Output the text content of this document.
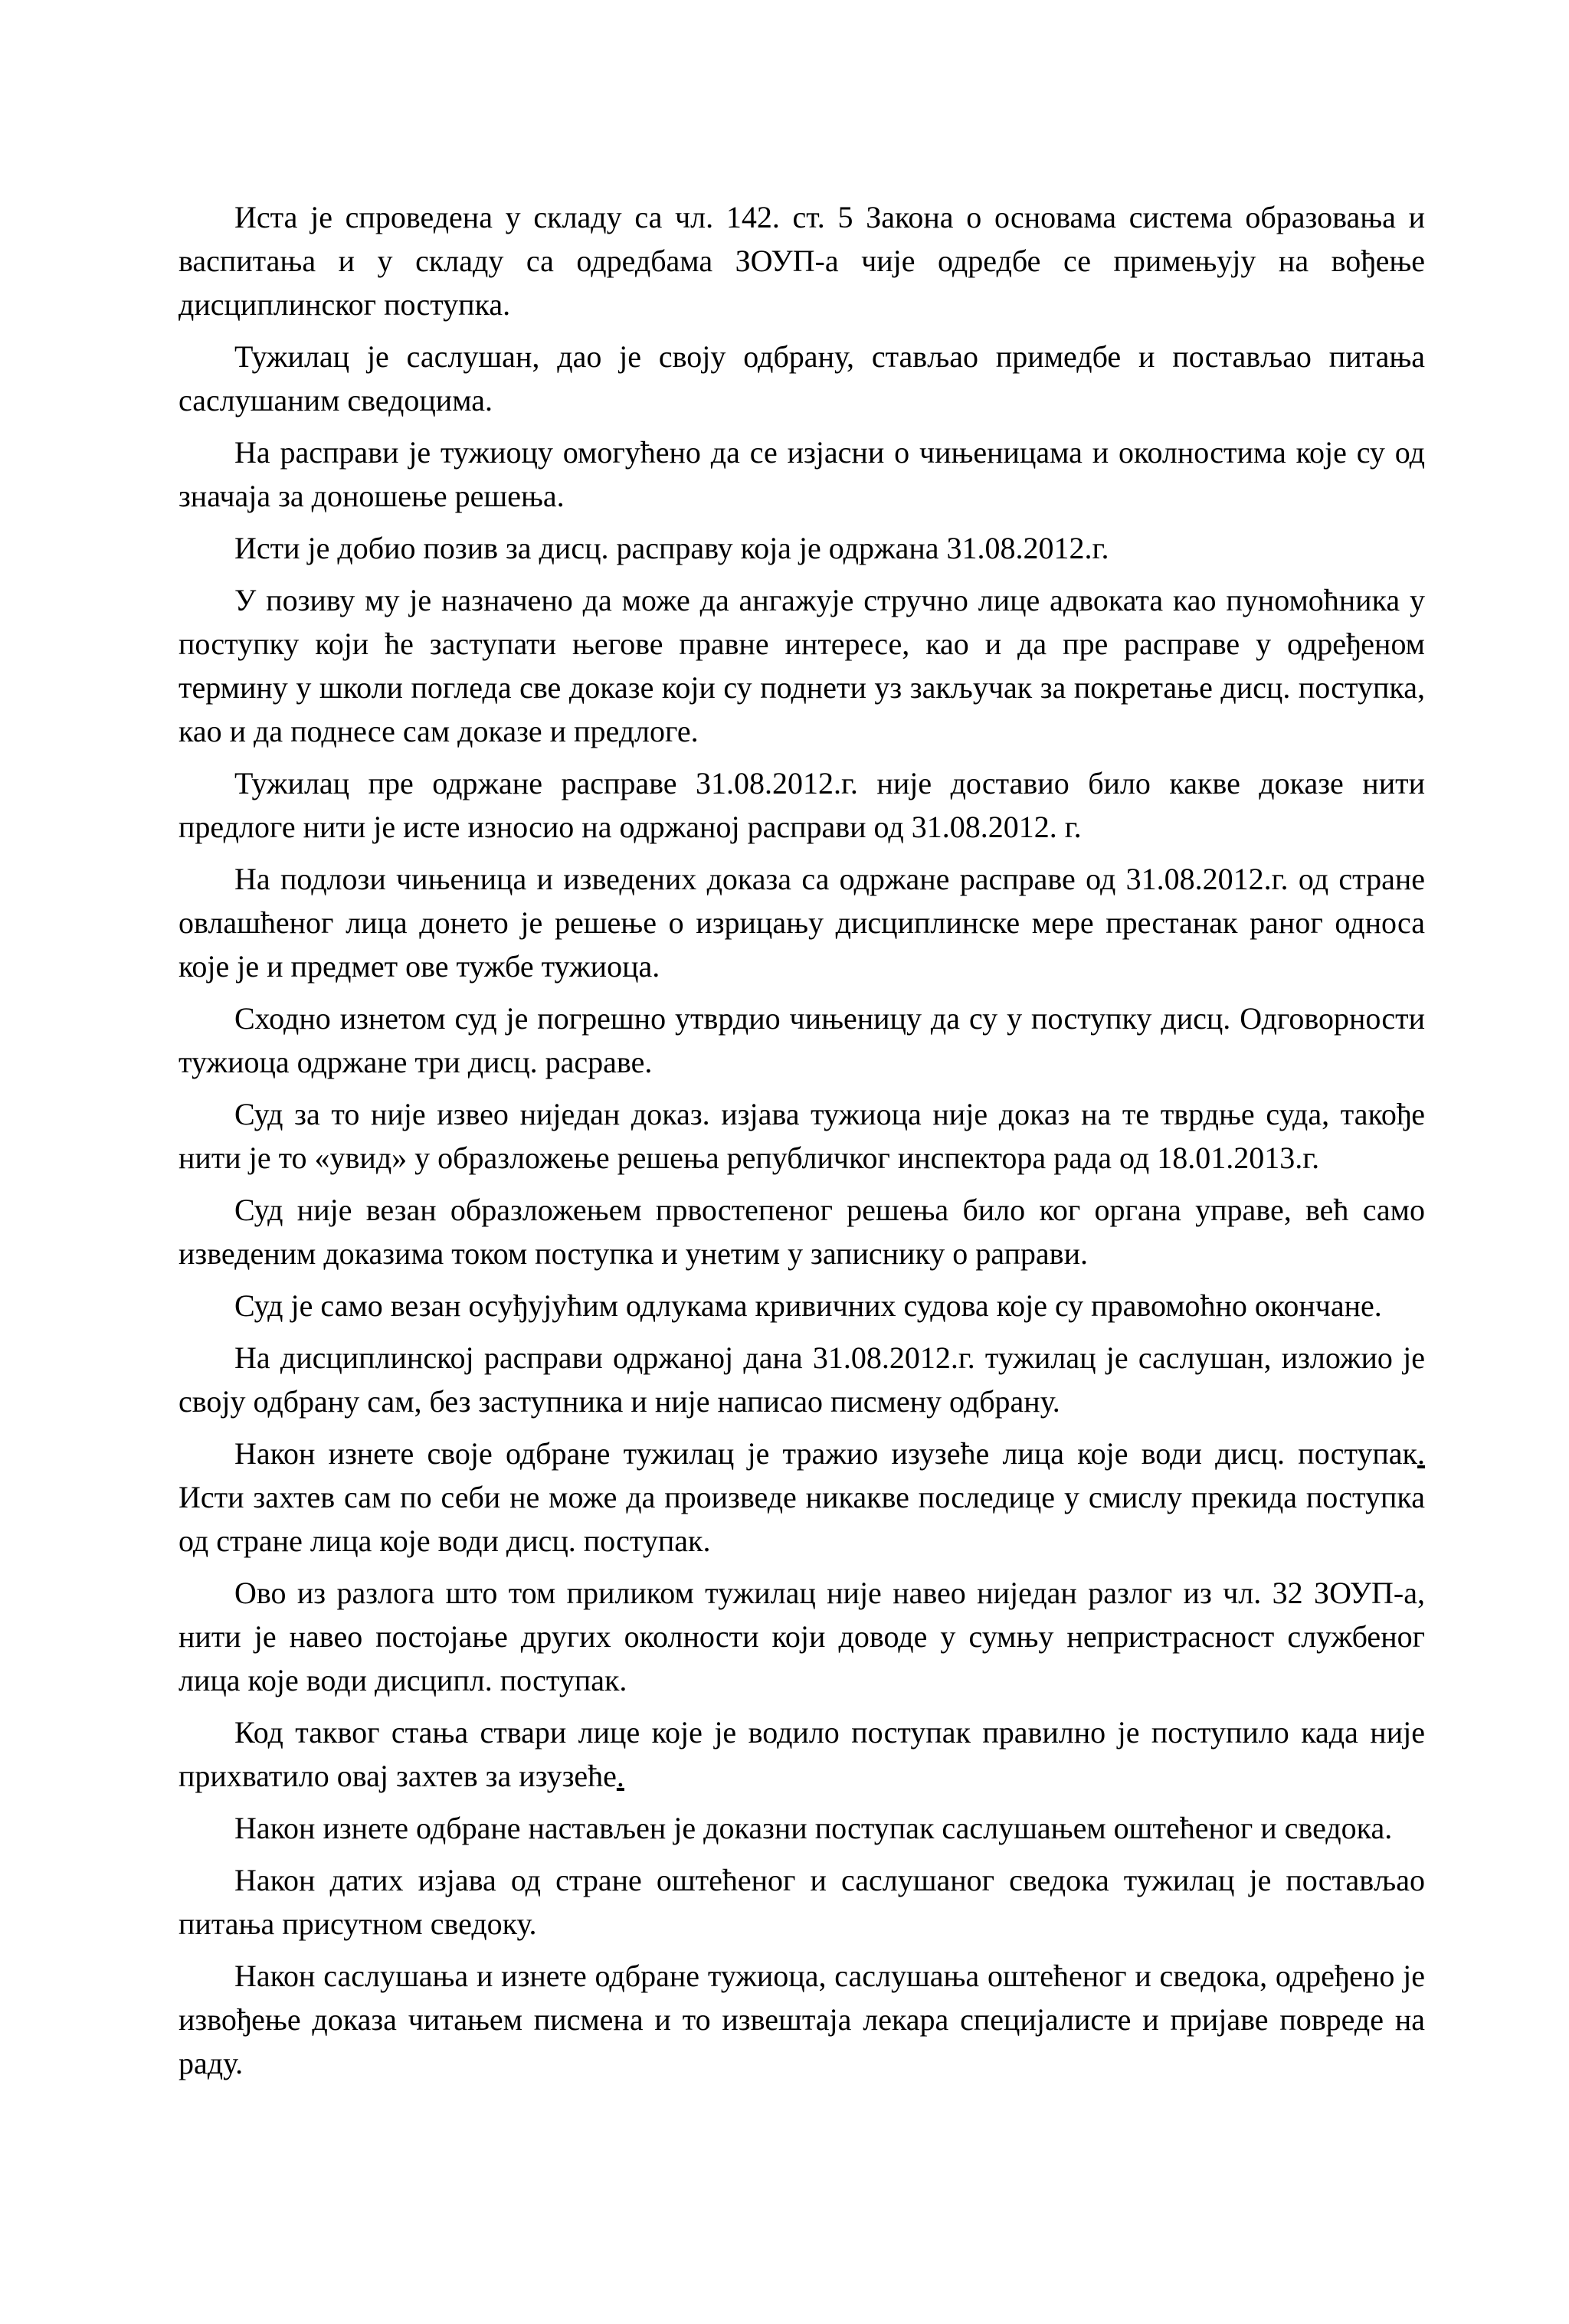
Иста је спроведена у складу са чл. 142. ст. 5 Закона о основама система образовања и васпитања и у складу са одредбама ЗОУП-а чије одредбе се примењују на вођење дисциплинског поступка.

Тужилац је саслушан, дао је своју одбрану, стављао примедбе и постављао питања саслушаним сведоцима.

На расправи је тужиоцу омогућено да се изјасни о чињеницама и околностима које су од значаја за доношење решења.

Исти је добио позив за дисц. расправу која је одржана 31.08.2012.г.

У позиву му је назначено да може да ангажује стручно лице адвоката као пуномоћника у поступку који ће заступати његове правне интересе, као и да пре расправе у одређеном термину у школи погледа све доказе који су поднети уз закључак за покретање дисц. поступка, као и да поднесе сам доказе и предлоге.

Тужилац пре одржане расправе 31.08.2012.г. није доставио било какве доказе нити предлоге нити је исте износио на одржаној расправи од 31.08.2012. г.

На подлози чињеница и изведених доказа са одржане расправе од 31.08.2012.г. од стране овлашћеног лица донето је решење о изрицању дисциплинске мере престанак раног односа које је и предмет ове тужбе тужиоца.

Сходно изнетом суд је погрешно утврдио чињеницу да су у поступку дисц. Одговорности тужиоца одржане три дисц. расраве.

Суд за то није извео ниједан доказ. изјава тужиоца није доказ на те тврдње суда, такође нити је то «увид» у образложење решења републичког инспектора рада од 18.01.2013.г.

Суд није везан образложењем првостепеног решења било ког органа управе, већ само изведеним доказима током поступка и унетим у записнику о раправи.

Суд је само везан осуђујућим одлукама кривичних судова које су правомоћно окончане.

На дисциплинској расправи одржаној дана 31.08.2012.г. тужилац је саслушан, изложио је своју одбрану сам, без заступника и није написао писмену одбрану.

Након изнете своје одбране тужилац је тражио изузеће лица које води дисц. поступак. Исти захтев сам по себи не може да произведе никакве последице у смислу прекида поступка од стране лица које води дисц. поступак.

Ово из разлога што том приликом тужилац није навео ниједан разлог из чл. 32 ЗОУП-а, нити је навео постојање других околности који доводе у сумњу непристрасност службеног лица које води дисципл. поступак.

Код таквог стања ствари лице које је водило поступак правилно је поступило када није прихватило овај захтев за изузеће.

Након изнете одбране настављен је доказни поступак саслушањем оштећеног и сведока.

Након датих изјава од стране оштећеног и саслушаног сведока тужилац је постављао питања присутном сведоку.

Након саслушања и изнете одбране тужиоца, саслушања оштећеног и сведока, одређено је извођење доказа читањем писмена и то извештаја лекара специјалисте и пријаве повреде на раду.
